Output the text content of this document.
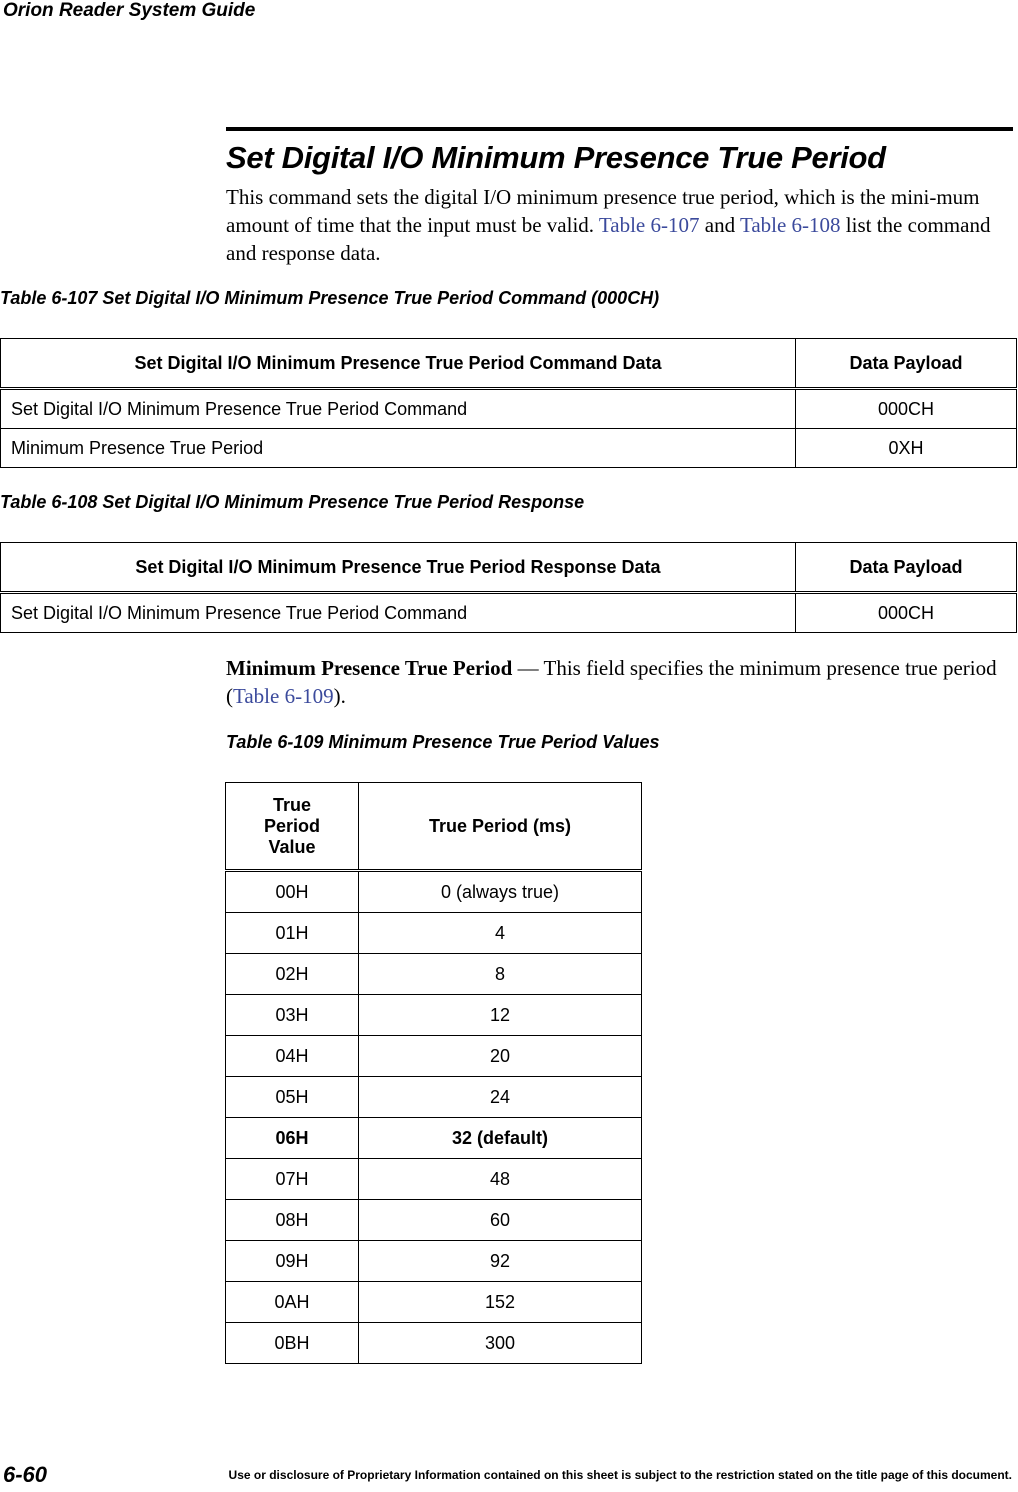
Orion Reader System Guide
Set Digital I/O Minimum Presence True Period
This command sets the digital I/O minimum presence true period, which is the mini-mum amount of time that the input must be valid. Table 6-107 and Table 6-108 list the command and response data.
Table 6-107 Set Digital I/O Minimum Presence True Period Command (000CH)
Set Digital I/O Minimum Presence True Period Command Data	Data Payload
Set Digital I/O Minimum Presence True Period Command	000CH
Minimum Presence True Period	0XH
Table 6-108 Set Digital I/O Minimum Presence True Period Response
Set Digital I/O Minimum Presence True Period Response Data	Data Payload
Set Digital I/O Minimum Presence True Period Command	000CH
Minimum Presence True Period — This field specifies the minimum presence true period (Table 6-109).
Table 6-109 Minimum Presence True Period Values
True
Period
Value	True Period (ms)
00H	0 (always true)
01H	4
02H	8
03H	12
04H	20
05H	24
06H	32 (default)
07H	48
08H	60
09H	92
0AH	152
0BH	300
6-60	Use or disclosure of Proprietary Information contained on this sheet is subject to the restriction stated on the title page of this document.
